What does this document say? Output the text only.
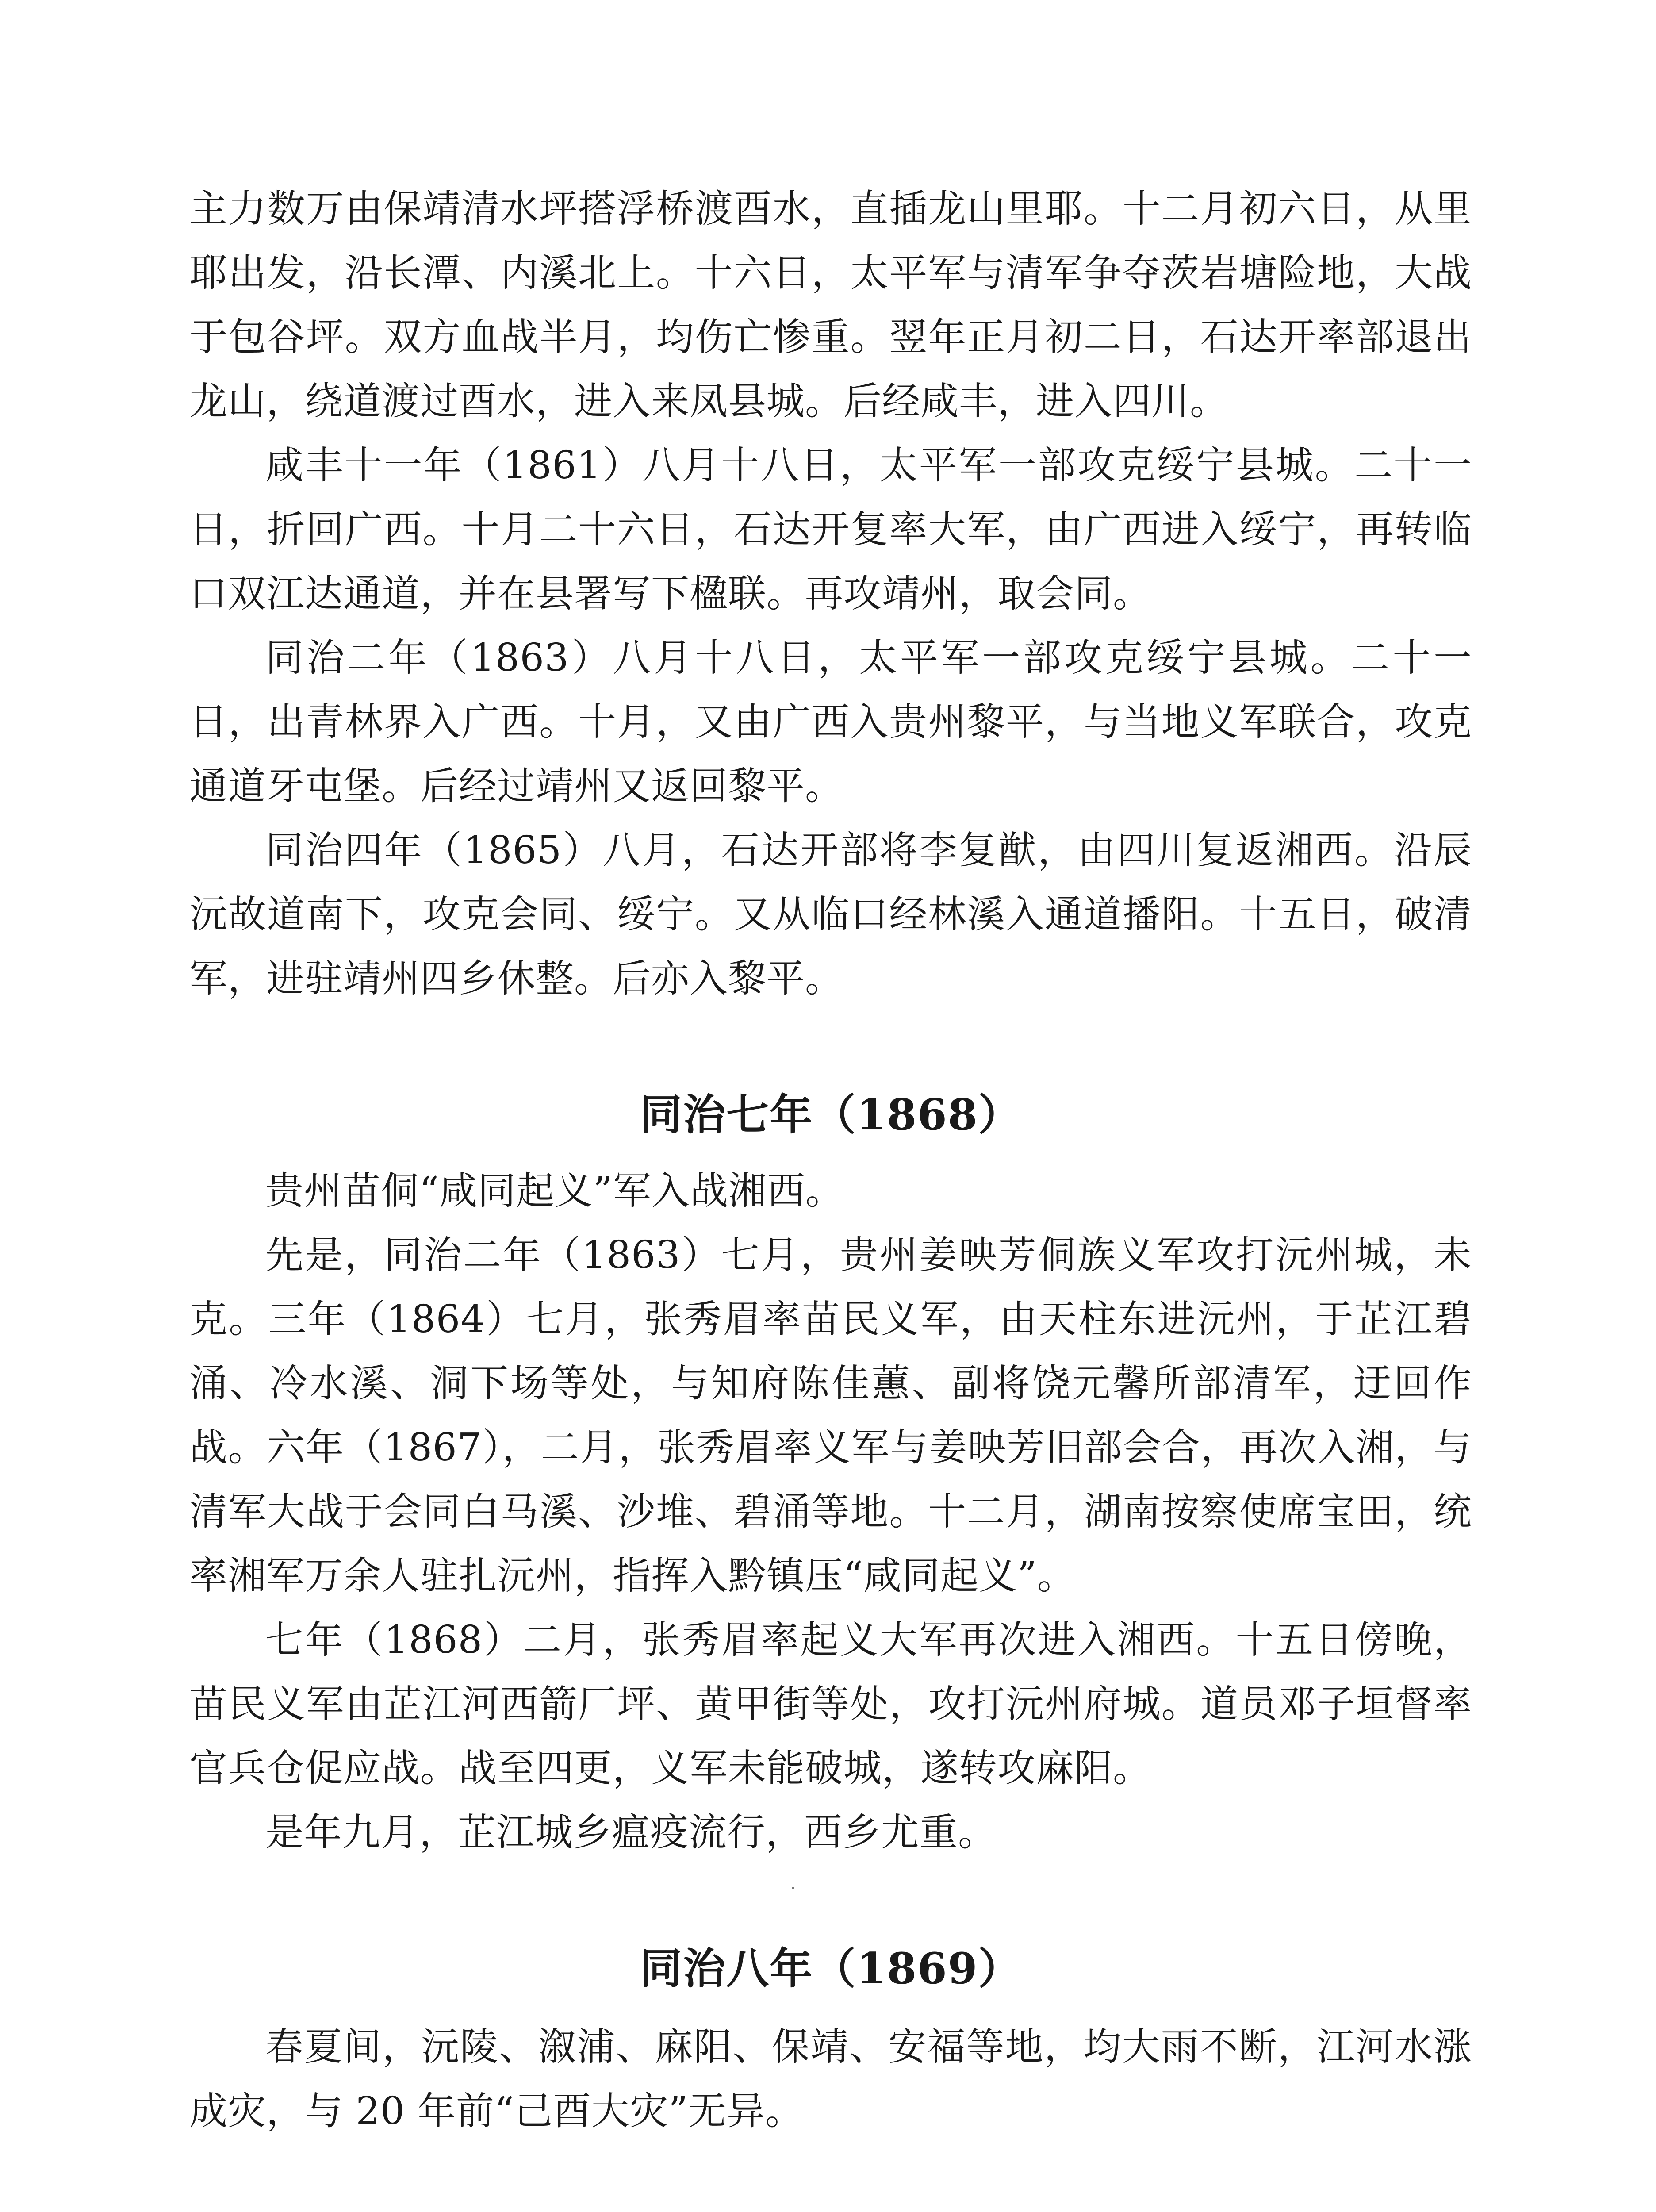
主力数万由保靖清水坪搭浮桥渡酉水，直插龙山里耶。十二月初六日，从里耶出发，沿长潭、内溪北上。十六日，太平军与清军争夺茨岩塘险地，大战于包谷坪。双方血战半月，均伤亡惨重。翌年正月初二日，石达开率部退出龙山，绕道渡过酉水，进入来凤县城。后经咸丰，进入四川。

咸丰十一年（1861）八月十八日，太平军一部攻克绥宁县城。二十一日，折回广西。十月二十六日，石达开复率大军，由广西进入绥宁，再转临口双江达通道，并在县署写下楹联。再攻靖州，取会同。

同治二年（1863）八月十八日，太平军一部攻克绥宁县城。二十一日，出青林界入广西。十月，又由广西入贵州黎平，与当地义军联合，攻克通道牙屯堡。后经过靖州又返回黎平。

同治四年（1865）八月，石达开部将李复猷，由四川复返湘西。沿辰沅故道南下，攻克会同、绥宁。又从临口经林溪入通道播阳。十五日，破清军，进驻靖州四乡休整。后亦入黎平。

同治七年（1868）

贵州苗侗“咸同起义”军入战湘西。

先是，同治二年（1863）七月，贵州姜映芳侗族义军攻打沅州城，未克。三年（1864）七月，张秀眉率苗民义军，由天柱东进沅州，于芷江碧涌、冷水溪、洞下场等处，与知府陈佳蕙、副将饶元馨所部清军，迂回作战。六年（1867），二月，张秀眉率义军与姜映芳旧部会合，再次入湘，与清军大战于会同白马溪、沙堆、碧涌等地。十二月，湖南按察使席宝田，统率湘军万余人驻扎沅州，指挥入黔镇压“咸同起义”。

七年（1868）二月，张秀眉率起义大军再次进入湘西。十五日傍晚，苗民义军由芷江河西箭厂坪、黄甲街等处，攻打沅州府城。道员邓子垣督率官兵仓促应战。战至四更，义军未能破城，遂转攻麻阳。

是年九月，芷江城乡瘟疫流行，西乡尤重。

同治八年（1869）

春夏间，沅陵、溆浦、麻阳、保靖、安福等地，均大雨不断，江河水涨成灾，与 20 年前“己酉大灾”无异。
